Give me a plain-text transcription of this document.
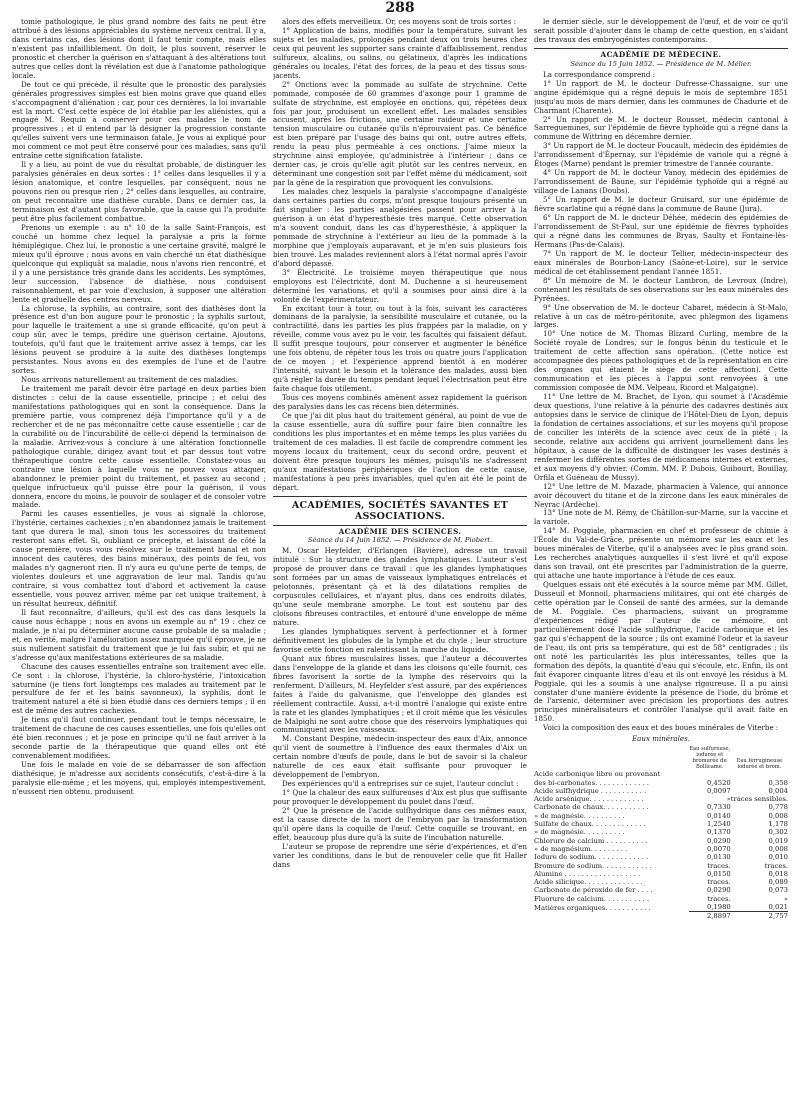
288

tomie pathologique, le plus grand nombre des faits ne peut être attribué à des lésions appréciables du système nerveux central. Il y a, dans certains cas, des lésions dont il faut tenir compte, mais elles n'existent pas infailliblement. On doit, le plus souvent, réserver le pronostic et chercher la guérison en s'attaquant à des altérations tout autres que celles dont la révélation est due à l'anatomie pathologique locale.

De tout ce qui précède, il résulte que le pronostic des paralysies générales progressives simples est bien moins grave que quand elles s'accompagnent d'aliénation ; car, pour ces dernières, la loi invariable est la mort. C'est cette espèce de loi établie par les aliénistes, qui a engagé M. Requin à conserver pour ces malades le nom de progressives ; et il entend par là désigner la progression constante qu'elles suivent vers une terminaison fatale. Je vous ai expliqué pour moi comment ce mot peut être conservé pour ces maladies, sans qu'il entraîne cette signification fataliste.

Il y a lieu, au point de vue du résultat probable, de distinguer les paralysies générales en deux sortes : 1° celles dans lesquelles il y a lésion anatomique, et contre lesquelles, par conséquent, nous ne pouvons rien ou presque rien ; 2° celles dans lesquelles, au contraire, on peut reconnaître une diathèse curable. Dans ce dernier cas, la terminaison est d'autant plus favorable, que la cause qui l'a produite peut être plus facilement combattue.

Prenons un exemple : au n° 10 de la salle Saint-François, est couché un homme chez lequel la paralysie a pris la forme hémiplégique. Chez lui, le pronostic a une certaine gravité, malgré le mieux qu'il éprouve ; nous avons en vain cherché un état diathésique quelconque qui expliquât sa maladie, nous n'avons rien rencontré, et il y a une persistance très grande dans les accidents. Les symptômes, leur succession, l'absence de diathèse, nous conduisent raisonnablement, et par voie d'exclusion, à supposer une altération lente et graduelle des centres nerveux.

La chlorose, la syphilis, au contraire, sont des diathèses dont la présence est d'un bon augure pour le pronostic ; la syphilis surtout, pour laquelle le traitement a une si grande efficacité, qu'on peut à coup sûr, avec le temps, prédire une guérison certaine. Ajoutons, toutefois, qu'il faut que le traitement arrive assez à temps, car les lésions peuvent se produire à la suite des diathèses longtemps persistantes. Nous avons eu des exemples de l'une et de l'autre sortes.

Nous arrivons naturellement au traitement de ces maladies.

Le traitement me paraît devoir être partagé en deux parties bien distinctes : celui de la cause essentielle, principe ; et celui des manifestations pathologiques qui en sont la conséquence. Dans la première partie, vous comprenez déjà l'importance qu'il y a de rechercher et de ne pas méconnaître cette cause essentielle ; car de la curabilité ou de l'incurabilité de celle-ci dépend la terminaison de la maladie. Arrivez-vous à conclure à une altération fonctionnelle pathologique curable, dirigez avant tout et par dessus tout votre thérapeutique contre cette cause essentielle. Constatez-vous au contraire une lésion à laquelle vous ne pouvez vous attaquer, abandonnez le premier point du traitement, et passez au second ; quelque infructueux qu'il puisse être pour la guérison, il vous donnera, encore du moins, le pouvoir de soulager et de consoler votre malade.

Parmi les causes essentielles, je vous ai signalé la chlorose, l'hystérie, certaines cachexies ; n'en abandonnez jamais le traitement tant que durera le mal, sinon tous les accessoires du traitement resteront sans effet. Si, oubliant ce précepte, et laissant de côté la cause première, vous vous résolvez sur le traitement banal et non innocent des cautères, des bains minéraux, des points de feu, vos malades n'y gagneront rien. Il n'y aura eu qu'une perte de temps, de violentes douleurs et une aggravation de leur mal. Tandis qu'au contraire, si vous combattez tout d'abord et activement la cause essentielle, vous pouvez arriver, même par cet unique traitement, à un résultat heureux, définitif.

Il faut reconnaître, d'ailleurs, qu'il est des cas dans lesquels la cause nous échappe ; nous en avons un exemple au n° 19 : chez ce malade, je n'ai pu déterminer aucune cause probable de sa maladie ; et, en vérité, malgré l'amélioration assez marquée qu'il éprouve, je ne suis nullement satisfait du traitement que je lui fais subir, et qui ne s'adresse qu'aux manifestations extérieures de sa maladie.

Chacune des causes essentielles entraîne son traitement avec elle. Ce sont : la chlorose, l'hystérie, la chloro-hystérie, l'intoxication saturnine (je tiens fort longtemps ces malades au traitement par le persulfure de fer et les bains savonneux), la syphilis, dont le traitement naturel a été si bien étudié dans ces derniers temps ; il en est de même des autres cachexies.

Je tiens qu'il faut continuer, pendant tout le temps nécessaire, le traitement de chacune de ces causes essentielles, une fois qu'elles ont été bien reconnues ; et je pose en principe qu'il ne faut arriver à la seconde partie de la thérapeutique que quand elles ont été convenablement modifiées.

Une fois le malade en voie de se débarrasser de son affection diathésique, je m'adresse aux accidents consécutifs, c'est-à-dire à la paralysie elle-même ; et les moyens, qui, employés intempestivement, n'eussent rien obtenu, produisent

alors des effets merveilleux. Or, ces moyens sont de trois sortes :

1° Application de bains, modifiés pour la température, suivant les sujets et les maladies, prolongés pendant deux ou trois heures chez ceux qui peuvent les supporter sans crainte d'affaiblissement, rendus sulfureux, alcalins, ou salins, ou gélatineux, d'après les indications générales ou locales, l'état des forces, de la peau et des tissus sous-jacents.

2° Onctions avec la pommade au sulfate de strychnine. Cette pommade, composée de 60 grammes d'axonge pour 1 gramme de sulfate de strychnine, est employée en onctions, qui, répétées deux fois par jour, produisent un excellent effet. Les malades sensibles accusent, après les frictions, une certaine raideur et une certaine tension musculaire ou cutanée qu'ils n'éprouvaient pas. Ce bénéfice est bien préparé par l'usage des bains qui ont, outre autres effets, rendu la peau plus perméable à ces onctions. J'aime mieux la strychnine ainsi employée, qu'administrée à l'intérieur ; dans ce dernier cas, je crois qu'elle agit plutôt sur les centres nerveux, en déterminant une congestion soit par l'effet même du médicament, soit par la gêne de la respiration que provoquent les convulsions.

Les malades chez lesquels la paralysie s'accompagne d'analgésie dans certaines parties du corps, m'ont presque toujours présenté un fait singulier : les parties analgésiées passent pour arriver à la guérison à un état d'hyperesthésie très marqué. Cette observation m'a souvent conduit, dans les cas d'hyperesthésie, à appliquer la pommade de strychnine à l'extérieur au lieu de la pommade à la morphine que j'employais auparavant, et je m'en suis plusieurs fois bien trouvé. Les malades reviennent alors à l'état normal après l'avoir d'abord dépassé.

3° Électricité. Le troisième moyen thérapeutique que nous employons est l'électricité, dont M. Duchenne a si heureusement déterminé les variations, et qu'il a soumises pour ainsi dire à la volonté de l'expérimentateur.

En excitant tour à tour, ou tout à la fois, suivant les caractères dominans de la paralysie, la sensibilité musculaire et cutanée, ou la contractilité, dans les parties les plus frappées par la maladie, on y réveille, comme vous avez pu le voir, les facultés qui faisaient défaut. Il suffit presque toujours, pour conserver et augmenter le bénéfice une fois obtenu, de répéter tous les trois ou quatre jours l'application de ce moyen ; et l'expérience apprend bientôt à en modérer l'intensité, suivant le besoin et la tolérance des malades, aussi bien qu'à régler la durée du temps pendant lequel l'électrisation peut être faite chaque fois utilement.

Tous ces moyens combinés amènent assez rapidement la guérison des paralysies dans les cas récens bien déterminés.

Ce que j'ai dit plus haut du traitement général, au point de vue de la cause essentielle, aura dû suffire pour faire bien connaître les conditions les plus importantes et en même temps les plus variées du traitement de ces maladies. Il est facile de comprendre comment les moyens locaux du traitement, ceux du second ordre, peuvent et doivent être presque toujours les mêmes, puisqu'ils ne s'adressent qu'aux manifestations périphériques de l'action de cette cause, manifestations à peu près invariables, quel qu'en ait été le point de départ.

ACADÉMIES, SOCIÉTÉS SAVANTES ET ASSOCIATIONS.
ACADÉMIE DES SCIENCES.
Séance du 14 Juin 1852. — Présidence de M. Piobert.

M. Oscar Heyfelder, d'Erlangen (Bavière), adresse un travail intitulé : Sur la structure des glandes lymphatiques. L'auteur s'est proposé de prouver dans ce travail : que les glandes lymphatiques sont formées par un amas de vaisseaux lymphatiques entrelacés et pelotonnés, présentant çà et là des dilatations remplies de corpuscules cellulaires, et n'ayant plus, dans ces endroits dilatés, qu'une seule membrane amorphe. Le tout est soutenu par des cloisons fibreuses contractiles, et entouré d'une enveloppe de même nature.

Les glandes lymphatiques servent à perfectionner et à former définitivement les globules de la lymphe et du chyle ; leur structure favorise cette fonction en ralentissant la marche du liquide.

Quant aux fibres musculaires lisses, que l'auteur a découvertes dans l'enveloppe de la glande et dans les cloisons qu'elle fournit, ces fibres favorisent la sortie de la lymphe des réservoirs qui la renferment. D'ailleurs, M. Heyfelder s'est assuré, par des expériences faites à l'aide du galvanisme, que l'enveloppe des glandes est réellement contractile. Aussi, a-t-il montré l'analogie qui existe entre la rate et les glandes lymphatiques ; et il croit même que les vésicules de Malpighi ne sont autre chose que des réservoirs lymphatiques qui communiquent avec les vaisseaux.

M. Constant Despine, médecin-inspecteur des eaux d'Aix, annonce qu'il vient de soumettre à l'influence des eaux thermales d'Aix un certain nombre d'œufs de poule, dans le but de savoir si la chaleur naturelle de ces eaux était suffisante pour provoquer le développement de l'embryon.

Des expériences qu'il a entreprises sur ce sujet, l'auteur conclut :

1° Que la chaleur des eaux sulfureuses d'Aix est plus que suffisante pour provoquer le développement du poulet dans l'œuf.

2° Que la présence de l'acide sulfhydrique dans ces mêmes eaux, est la cause directe de la mort de l'embryon par la transformation qu'il opère dans la coquille de l'œuf. Cette coquille se trouvant, en effet, beaucoup plus dure qu'à la suite de l'incubation naturelle.

L'auteur se propose de reprendre une série d'expériences, et d'en varier les conditions, dans le but de renouveler celle que fit Haller dans

le dernier siècle, sur le développement de l'œuf, et de voir ce qu'il serait possible d'ajouter dans le champ de cette question, en s'aidant des travaux des embryogénistes contemporains.

ACADÉMIE DE MÉDECINE.
Séance du 15 Juin 1852. — Présidence de M. Mélier.

La correspondance comprend :

1° Un rapport de M. le docteur Dufresse-Chassaigne, sur une angine épidémique qui a régné depuis le mois de septembre 1851 jusqu'au mois de mars dernier, dans les communes de Chadurie et de Charmant (Charente).

2° Un rapport de M. le docteur Rousset, médecin cantonal à Sarreguemines, sur l'épidémie de fièvre typhoïde qui a régné dans la commune de Wittring en décembre dernier.

3° Un rapport de M. le docteur Foucault, médecin des épidémies de l'arrondissement d'Épernay, sur l'épidémie de variole qui a régné à Étoges (Marne) pendant le premier trimestre de l'année courante.

4° Un rapport de M. le docteur Vanoy, médecin des épidémies de l'arrondissement de Baune, sur l'épidémie typhoïde qui a régné au village de Lanans (Doubs).

5° Un rapport de M. le docteur Gruisard, sur une épidémie de fièvre scarlatine qui a régné dans la commune de Baune (Jura).

6° Un rapport de M. le docteur Déhée, médecin des épidémies de l'arrondissement de St-Paul, sur une épidémie de fièvres typhoïdes qui a régné dans les communes de Bryas, Saulty et Fontaine-lès-Hermans (Pas-de-Calais).

7° Un rapport de M. le docteur Tellier, médecin-inspecteur des eaux minérales de Bourbon-Lancy (Saône-et-Loire), sur le service médical de cet établissement pendant l'année 1851.

8° Un mémoire de M. le docteur Lambron, de Levroux (Indre), contenant les résultats de ses observations sur les eaux minérales des Pyrénées.

9° Une observation de M. le docteur Cabaret, médecin à St-Malo, relative à un cas de métro-péritonite, avec phlegmon des ligamens larges.

10° Une notice de M. Thomas Blizard Curling, membre de la Société royale de Londres, sur le fongus bénin du testicule et le traitement de cette affection sans opération. (Cette notice est accompagnée des pièces pathologiques et de la représentation en cire des organes qui étaient le siège de cette affection). Cette communication et les pièces à l'appui sont renvoyées à une commission composée de MM. Velpeau, Ricord et Malgaigne).

11° Une lettre de M. Brachet, de Lyon, qui soumet à l'Académie deux questions, l'une relative à la pénurie des cadavres destinés aux autopsies dans le service de clinique de l'Hôtel-Dieu de Lyon, depuis la fondation de certaines associations, et sur les moyens qu'il propose de concilier les intérêts de la science avec ceux de la piété ; la seconde, relative aux accidens qui arrivent journellement dans les hôpitaux, à cause de la difficulté de distinguer les vases destinés à renfermer les différentes sortes de médicamens internes et externes, et aux moyens d'y obvier. (Comm. MM. P. Dubois, Guibourt, Bouillay, Orfila et Guéneau de Mussy).

12° Une lettre de M. Mazade, pharmacien à Valence, qui annonce avoir découvert du titane et de la zircone dans les eaux minérales de Neyrac (Ardèche).

13° Une note de M. Rémy, de Châtillon-sur-Marne, sur la vaccine et la variole.

14° M. Poggiale, pharmacien en chef et professeur de chimie à l'École du Val-de-Grâce, présente un mémoire sur les eaux et les boues minérales de Viterbe, qu'il a analysées avec le plus grand soin. Les recherches analytiques auxquelles il s'est livré et qu'il expose dans son travail, ont été prescrites par l'administration de la guerre, qui attache une haute importance à l'étude de ces eaux.

Quelques essais ont été exécutés à la source même par MM. Gillet, Dusseuil et Monnoil, pharmaciens militaires, qui ont été chargés de cette opération par le Conseil de santé des armées, sur la demande de M. Poggiale. Ces pharmaciens, suivant un programme d'expériences rédigé par l'auteur de ce mémoire, ont particulièrement dosé l'acide sulfhydrique, l'acide carbonique et les gaz qui s'échappent de la source ; ils ont examiné l'odeur et la saveur de l'eau, ils ont pris sa température, qui est de 58° centigrades ; ils ont noté les particularités les plus intéressantes, telles que la formation des dépôts, la quantité d'eau qui s'écoule, etc. Enfin, ils ont fait évaporer cinquante litres d'eau et ils ont envoyé les résidus à M. Poggiale, qui les a soumis à une analyse rigoureuse. Il a pu ainsi constater d'une manière évidente la présence de l'iode, du brôme et de l'arsenic, déterminer avec précision les proportions des autres principes minéralisateurs et contrôler l'analyse qu'il avait faite en 1850.

Voici la composition des eaux et des boues minérales de Viterbe :

Eaux minérales.
	Eau sulfureuse, iodurée et bromurée du Bollicame.	Eau ferrugineuse iodurée et brom.
Acide carbonique libre ou provenant		
des bi-carbonates. . . . . . . . . . . . .	0,4520	0,358
Acide sulfhydrique . . . . . . . . . . .	0,0097	0,004
Acide arsénique. . . . . . . . . . . . .	»	traces sensibles.
Carbonate de chaux. . . . . . . . . . .	0,7330	0,778
» de magnésie. . . . . . . . . .	0,0140	0,008
Sulfate de chaux. . . . . . . . . . . . .	1,2540	1,178
» de magnésie. . . . . . . . . .	0,1370	0,302
Chlorure de calcium . . . . . . . . . .	0,0290	0,019
» de magnésium. . . . . . . . .	0,0070	0,008
Iodure de sodium. . . . . . . . . . . . .	0,0130	0,010
Bromure de sodium. . . . . . . . . . . .	traces.	traces.
Alumine . . . . . . . . . . . . . . . . . .	0,0150	0,018
Acide silicique. . . . . . . . . . . . . .	traces.	0,089
Carbonate de péroxide de fer . . . .	0,0290	0,073
Fluorure de calcium. . . . . . . . . . .	traces.	»
Matières organiques. . . . . . . . . . .	0,1980	0,021
	2,8897	2,757
